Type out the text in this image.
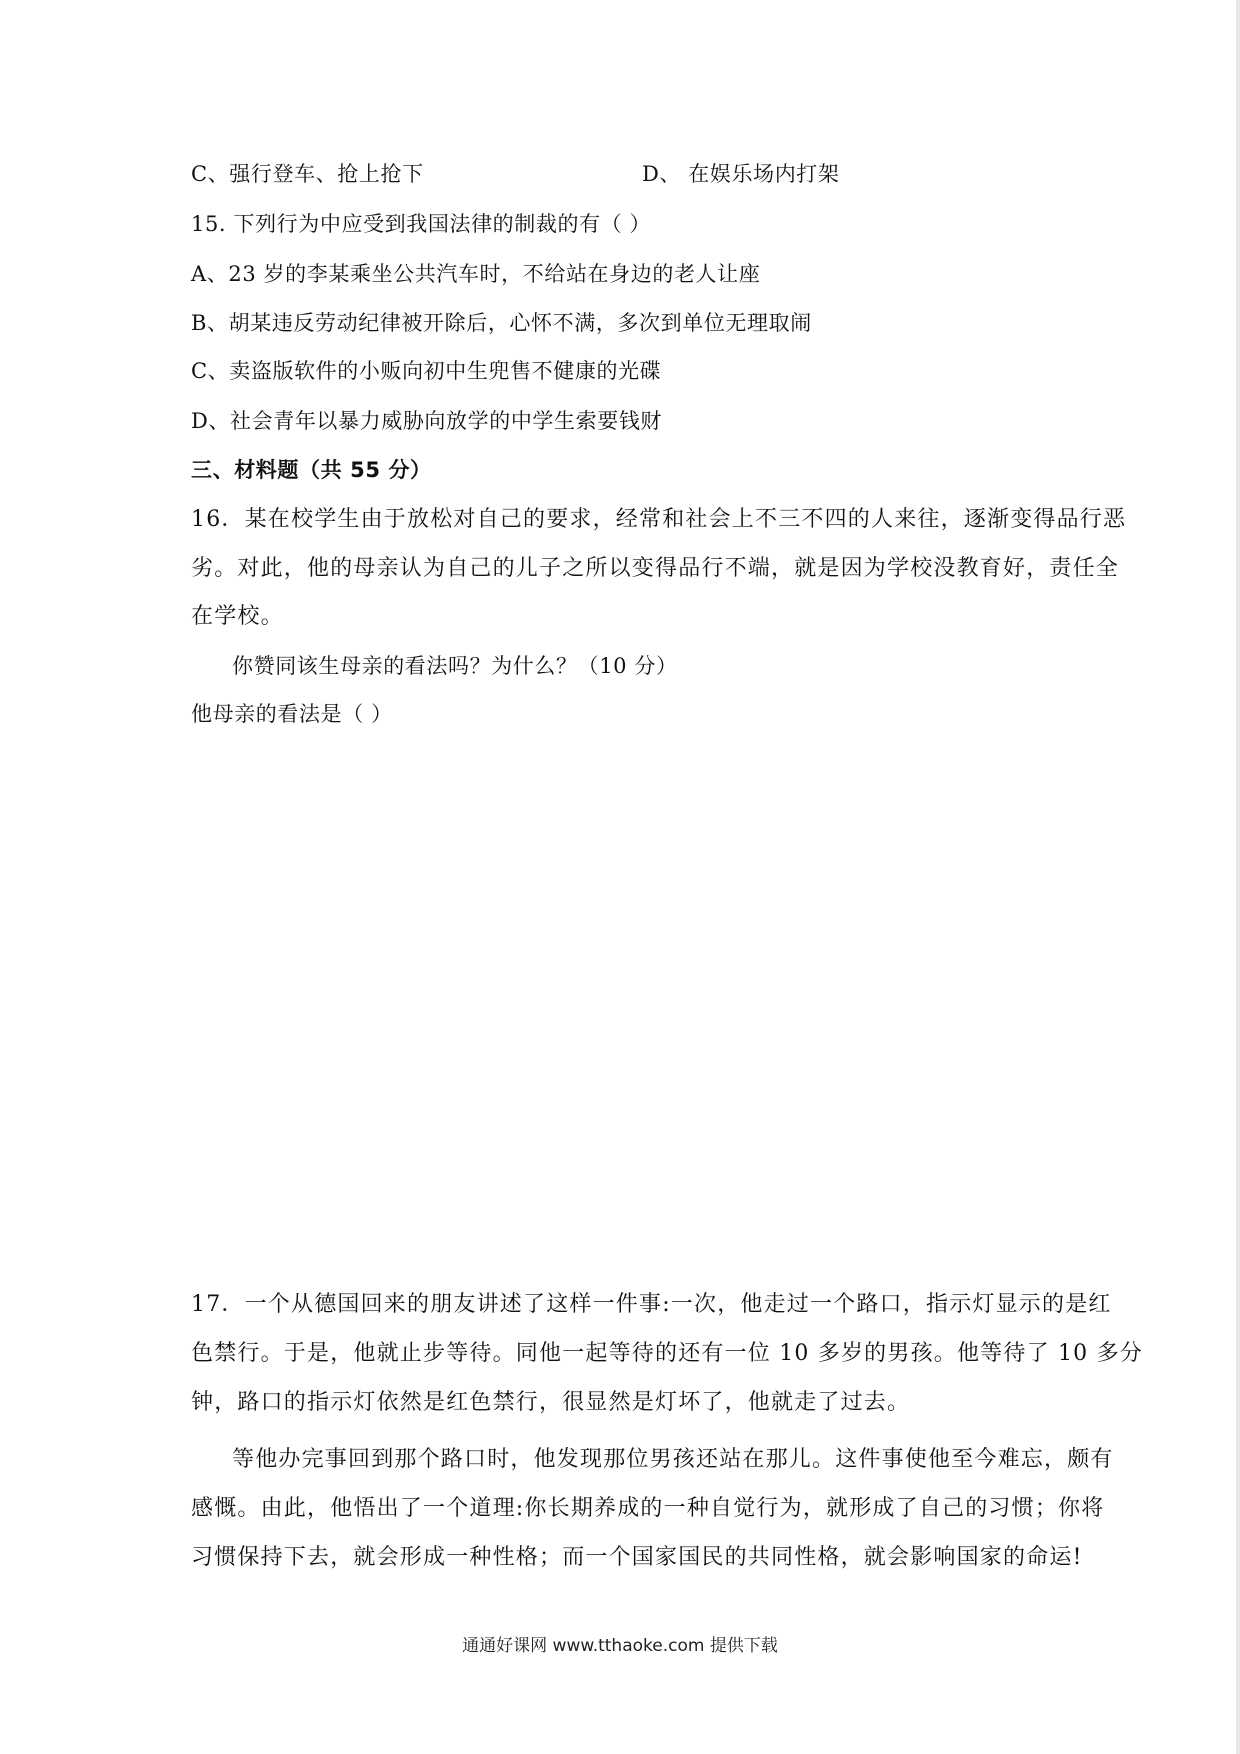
C、强行登车、抢上抢下	D、 在娱乐场内打架
15. 下列行为中应受到我国法律的制裁的有（ ）
A、23 岁的李某乘坐公共汽车时，不给站在身边的老人让座
B、胡某违反劳动纪律被开除后，心怀不满，多次到单位无理取闹
C、卖盗版软件的小贩向初中生兜售不健康的光碟
D、社会青年以暴力威胁向放学的中学生索要钱财
三、材料题（共 55 分）
16．某在校学生由于放松对自己的要求，经常和社会上不三不四的人来往，逐渐变得品行恶
劣。对此，他的母亲认为自己的儿子之所以变得品行不端，就是因为学校没教育好，责任全
在学校。
你赞同该生母亲的看法吗？为什么？（10 分）
他母亲的看法是（ ）
17．一个从德国回来的朋友讲述了这样一件事:一次，他走过一个路口，指示灯显示的是红
色禁行。于是，他就止步等待。同他一起等待的还有一位 10 多岁的男孩。他等待了 10 多分
钟，路口的指示灯依然是红色禁行，很显然是灯坏了，他就走了过去。
等他办完事回到那个路口时，他发现那位男孩还站在那儿。这件事使他至今难忘，颇有
感慨。由此，他悟出了一个道理:你长期养成的一种自觉行为，就形成了自己的习惯；你将
习惯保持下去，就会形成一种性格；而一个国家国民的共同性格，就会影响国家的命运!
通通好课网 www.tthaoke.com 提供下载
